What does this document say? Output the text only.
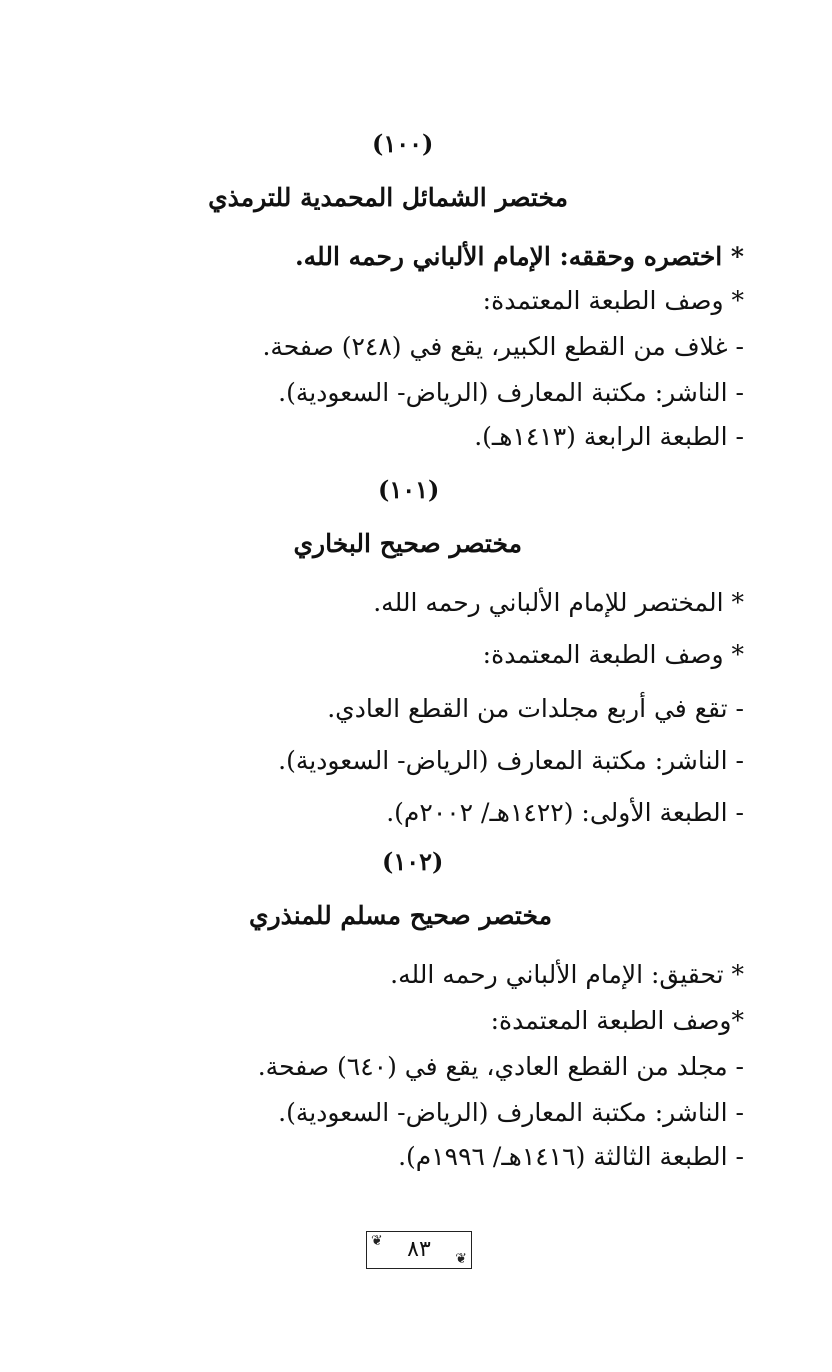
(١٠٠)
مختصر الشمائل المحمدية للترمذي
* اختصره وحققه: الإمام الألباني رحمه الله.
* وصف الطبعة المعتمدة:
- غلاف من القطع الكبير، يقع في (٢٤٨) صفحة.
- الناشر: مكتبة المعارف (الرياض- السعودية).
- الطبعة الرابعة (١٤١٣هـ).
(١٠١)
مختصر صحيح البخاري
* المختصر للإمام الألباني رحمه الله.
* وصف الطبعة المعتمدة:
- تقع في أربع مجلدات من القطع العادي.
- الناشر: مكتبة المعارف (الرياض- السعودية).
- الطبعة الأولى: (١٤٢٢هـ/ ٢٠٠٢م).
(١٠٢)
مختصر صحيح مسلم للمنذري
* تحقيق: الإمام الألباني رحمه الله.
*وصف الطبعة المعتمدة:
- مجلد من القطع العادي، يقع في (٦٤٠) صفحة.
- الناشر: مكتبة المعارف (الرياض- السعودية).
- الطبعة الثالثة (١٤١٦هـ/ ١٩٩٦م).
❦	٨٣	❦
